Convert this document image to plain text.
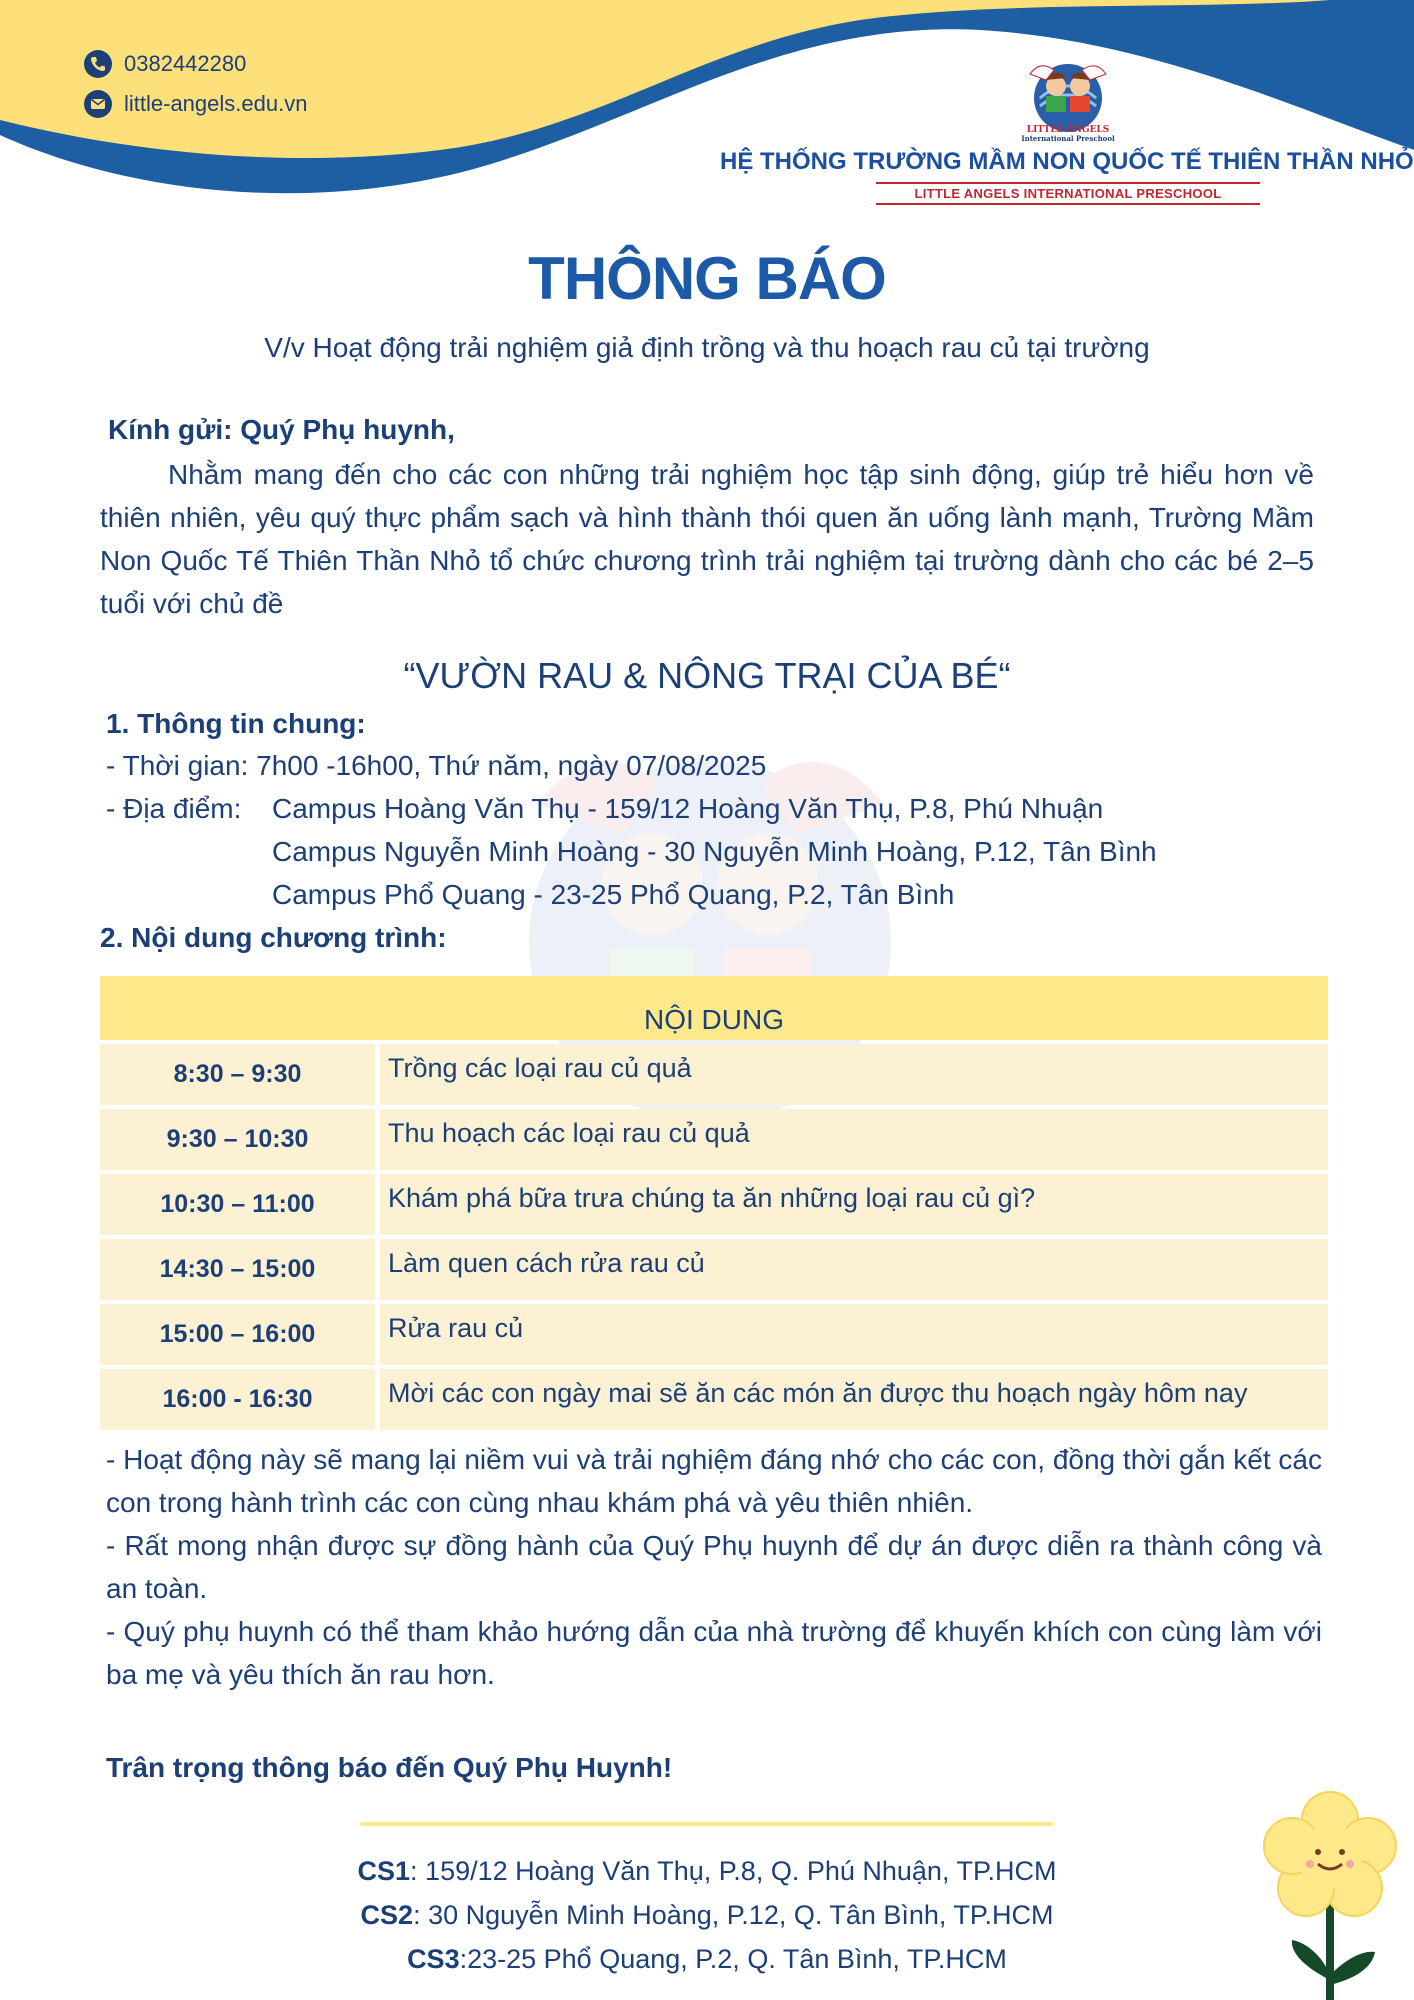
0382442280
little-angels.edu.vn
LITTLE ANGELS
International Preschool
HỆ THỐNG TRƯỜNG MẦM NON QUỐC TẾ THIÊN THẦN NHỎ
LITTLE ANGELS INTERNATIONAL PRESCHOOL
THÔNG BÁO
V/v Hoạt động trải nghiệm giả định trồng và thu hoạch rau củ tại trường
Kính gửi: Quý Phụ huynh,

Nhằm mang đến cho các con những trải nghiệm học tập sinh động, giúp trẻ hiểu hơn về thiên nhiên, yêu quý thực phẩm sạch và hình thành thói quen ăn uống lành mạnh, Trường Mầm Non Quốc Tế Thiên Thần Nhỏ tổ chức chương trình trải nghiệm tại trường dành cho các bé 2–5 tuổi với chủ đề

“VƯỜN RAU & NÔNG TRẠI CỦA BÉ“
1. Thông tin chung:
- Thời gian: 7h00 -16h00, Thứ năm, ngày 07/08/2025
- Địa điểm: Campus Hoàng Văn Thụ - 159/12 Hoàng Văn Thụ, P.8, Phú Nhuận
Campus Nguyễn Minh Hoàng - 30 Nguyễn Minh Hoàng, P.12, Tân Bình
Campus Phổ Quang - 23-25 Phổ Quang, P.2, Tân Bình
2. Nội dung chương trình:
NỘI DUNG
8:30 – 9:30	Trồng các loại rau củ quả
9:30 – 10:30	Thu hoạch các loại rau củ quả
10:30 – 11:00	Khám phá bữa trưa chúng ta ăn những loại rau củ gì?
14:30 – 15:00	Làm quen cách rửa rau củ
15:00 – 16:00	Rửa rau củ
16:00 - 16:30	Mời các con ngày mai sẽ ăn các món ăn được thu hoạch ngày hôm nay
- Hoạt động này sẽ mang lại niềm vui và trải nghiệm đáng nhớ cho các con, đồng thời gắn kết các con trong hành trình các con cùng nhau khám phá và yêu thiên nhiên.
- Rất mong nhận được sự đồng hành của Quý Phụ huynh để dự án được diễn ra thành công và an toàn.
- Quý phụ huynh có thể tham khảo hướng dẫn của nhà trường để khuyến khích con cùng làm với ba mẹ và yêu thích ăn rau hơn.
Trân trọng thông báo đến Quý Phụ Huynh!
CS1: 159/12 Hoàng Văn Thụ, P.8, Q. Phú Nhuận, TP.HCM
CS2: 30 Nguyễn Minh Hoàng, P.12, Q. Tân Bình, TP.HCM
CS3:23-25 Phổ Quang, P.2, Q. Tân Bình, TP.HCM
